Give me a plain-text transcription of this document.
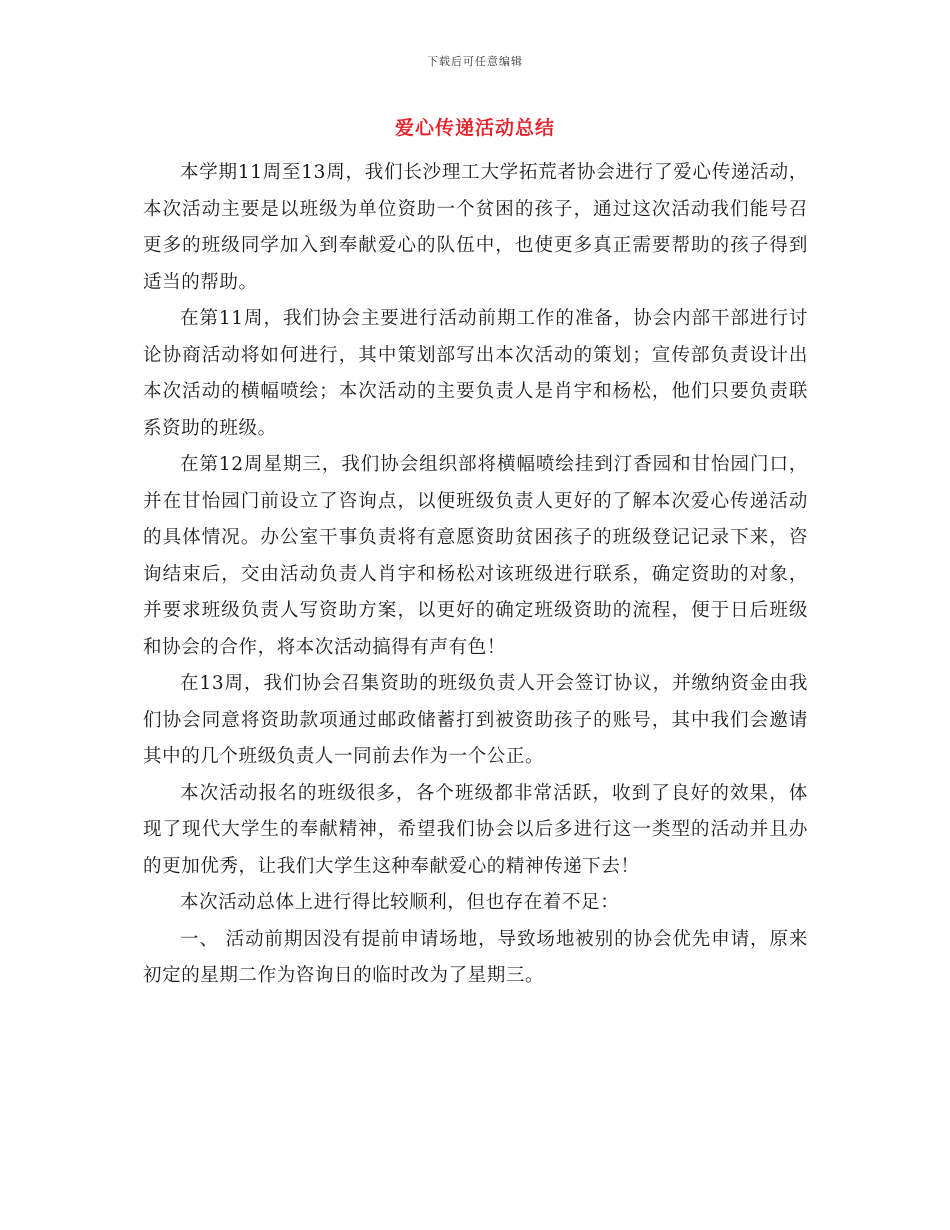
下载后可任意编辑
爱心传递活动总结

本学期11周至13周，我们长沙理工大学拓荒者协会进行了爱心传递活动，本次活动主要是以班级为单位资助一个贫困的孩子，通过这次活动我们能号召更多的班级同学加入到奉献爱心的队伍中，也使更多真正需要帮助的孩子得到适当的帮助。

在第11周，我们协会主要进行活动前期工作的准备，协会内部干部进行讨论协商活动将如何进行，其中策划部写出本次活动的策划；宣传部负责设计出本次活动的横幅喷绘；本次活动的主要负责人是肖宇和杨松，他们只要负责联系资助的班级。

在第12周星期三，我们协会组织部将横幅喷绘挂到汀香园和甘怡园门口，并在甘怡园门前设立了咨询点，以便班级负责人更好的了解本次爱心传递活动的具体情况。办公室干事负责将有意愿资助贫困孩子的班级登记记录下来，咨询结束后，交由活动负责人肖宇和杨松对该班级进行联系，确定资助的对象，并要求班级负责人写资助方案，以更好的确定班级资助的流程，便于日后班级和协会的合作，将本次活动搞得有声有色！

在13周，我们协会召集资助的班级负责人开会签订协议，并缴纳资金由我们协会同意将资助款项通过邮政储蓄打到被资助孩子的账号，其中我们会邀请其中的几个班级负责人一同前去作为一个公正。

本次活动报名的班级很多，各个班级都非常活跃，收到了良好的效果，体现了现代大学生的奉献精神，希望我们协会以后多进行这一类型的活动并且办的更加优秀，让我们大学生这种奉献爱心的精神传递下去！

本次活动总体上进行得比较顺利，但也存在着不足：

一、 活动前期因没有提前申请场地，导致场地被别的协会优先申请，原来初定的星期二作为咨询日的临时改为了星期三。
